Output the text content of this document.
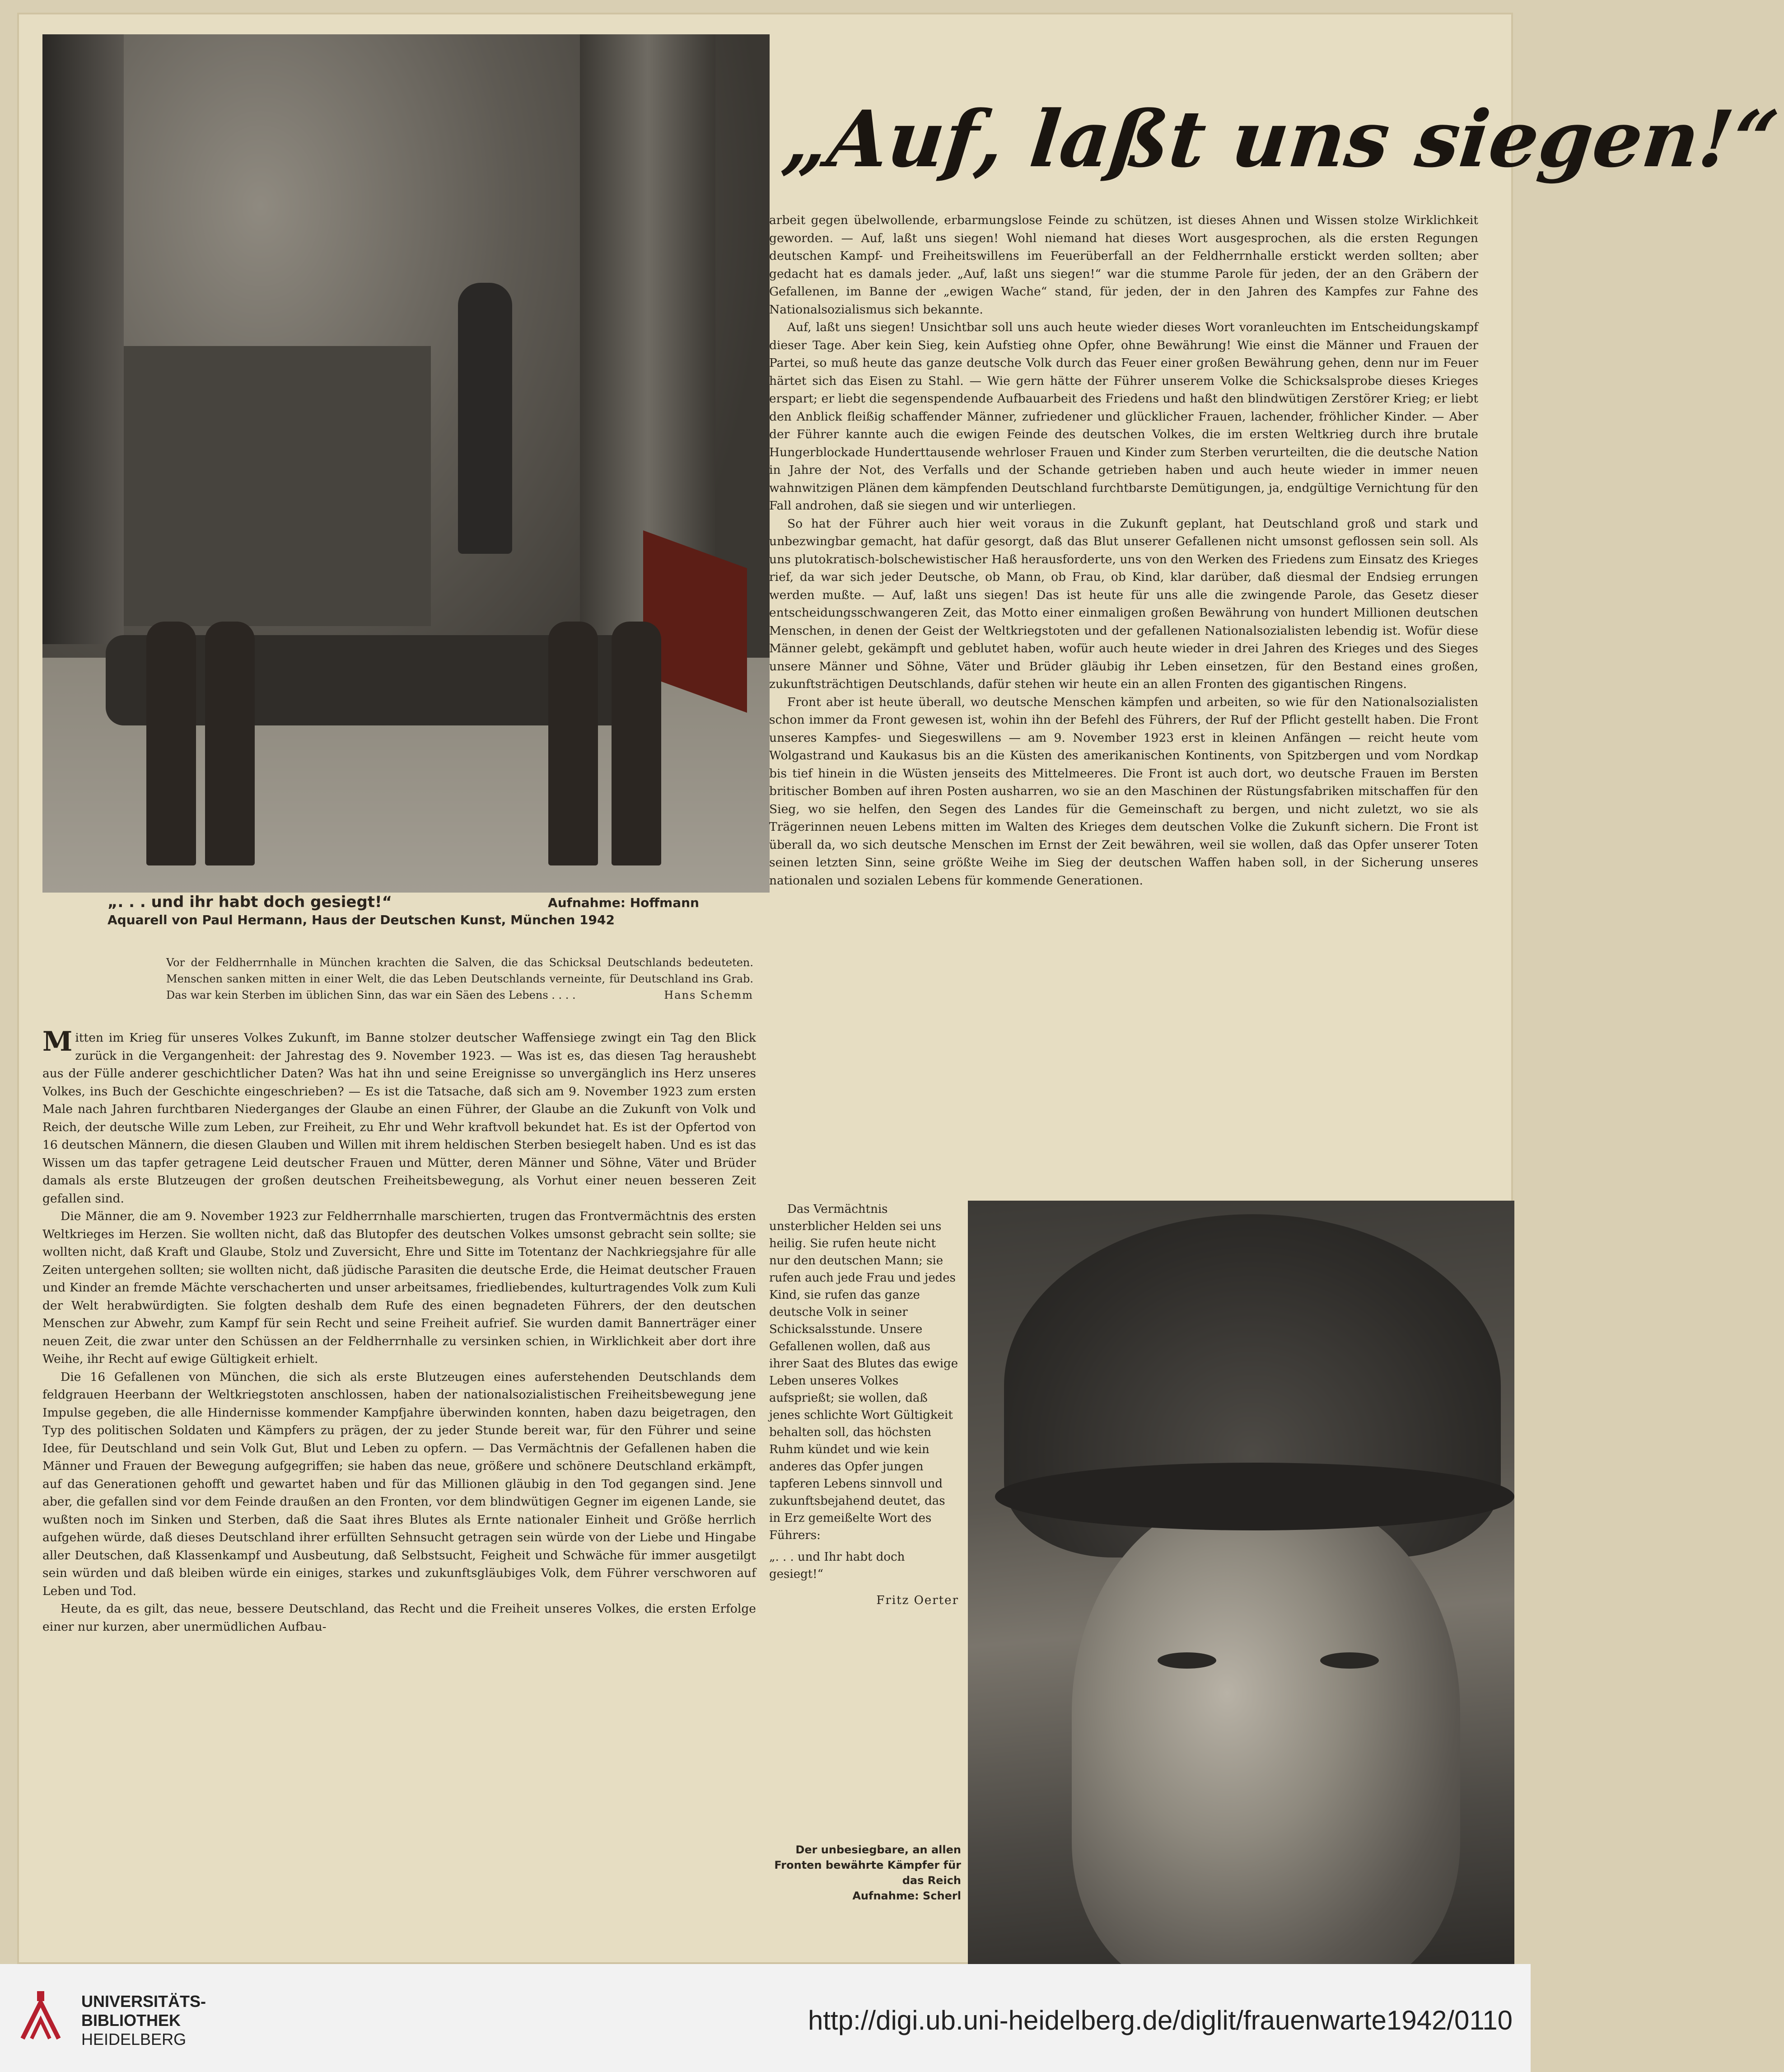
„. . . und ihr habt doch gesiegt!“	Aufnahme: Hoffmann
Aquarell von Paul Hermann, Haus der Deutschen Kunst, München 1942
Vor der Feldherrnhalle in München krachten die Salven, die das Schicksal Deutschlands bedeuteten. Menschen sanken mitten in einer Welt, die das Leben Deutschlands verneinte, für Deutschland ins Grab. Das war kein Sterben im üblichen Sinn, das war ein Säen des Lebens . . . .	Hans Schemm

Mitten im Krieg für unseres Volkes Zukunft, im Banne stolzer deutscher Waffensiege zwingt ein Tag den Blick zurück in die Vergangenheit: der Jahrestag des 9. November 1923. — Was ist es, das diesen Tag heraushebt aus der Fülle anderer geschichtlicher Daten? Was hat ihn und seine Ereignisse so unvergänglich ins Herz unseres Volkes, ins Buch der Geschichte eingeschrieben? — Es ist die Tatsache, daß sich am 9. November 1923 zum ersten Male nach Jahren furchtbaren Niederganges der Glaube an einen Führer, der Glaube an die Zukunft von Volk und Reich, der deutsche Wille zum Leben, zur Freiheit, zu Ehr und Wehr kraftvoll bekundet hat. Es ist der Opfertod von 16 deutschen Männern, die diesen Glauben und Willen mit ihrem heldischen Sterben besiegelt haben. Und es ist das Wissen um das tapfer getragene Leid deutscher Frauen und Mütter, deren Männer und Söhne, Väter und Brüder damals als erste Blutzeugen der großen deutschen Freiheitsbewegung, als Vorhut einer neuen besseren Zeit gefallen sind.

Die Männer, die am 9. November 1923 zur Feldherrnhalle marschierten, trugen das Frontvermächtnis des ersten Weltkrieges im Herzen. Sie wollten nicht, daß das Blutopfer des deutschen Volkes umsonst gebracht sein sollte; sie wollten nicht, daß Kraft und Glaube, Stolz und Zuversicht, Ehre und Sitte im Totentanz der Nachkriegsjahre für alle Zeiten untergehen sollten; sie wollten nicht, daß jüdische Parasiten die deutsche Erde, die Heimat deutscher Frauen und Kinder an fremde Mächte verschacherten und unser arbeitsames, friedliebendes, kulturtragendes Volk zum Kuli der Welt herabwürdigten. Sie folgten deshalb dem Rufe des einen begnadeten Führers, der den deutschen Menschen zur Abwehr, zum Kampf für sein Recht und seine Freiheit aufrief. Sie wurden damit Bannerträger einer neuen Zeit, die zwar unter den Schüssen an der Feldherrnhalle zu versinken schien, in Wirklichkeit aber dort ihre Weihe, ihr Recht auf ewige Gültigkeit erhielt.

Die 16 Gefallenen von München, die sich als erste Blutzeugen eines auferstehenden Deutschlands dem feldgrauen Heerbann der Weltkriegstoten anschlossen, haben der nationalsozialistischen Freiheitsbewegung jene Impulse gegeben, die alle Hindernisse kommender Kampfjahre überwinden konnten, haben dazu beigetragen, den Typ des politischen Soldaten und Kämpfers zu prägen, der zu jeder Stunde bereit war, für den Führer und seine Idee, für Deutschland und sein Volk Gut, Blut und Leben zu opfern. — Das Vermächtnis der Gefallenen haben die Männer und Frauen der Bewegung aufgegriffen; sie haben das neue, größere und schönere Deutschland erkämpft, auf das Generationen gehofft und gewartet haben und für das Millionen gläubig in den Tod gegangen sind. Jene aber, die gefallen sind vor dem Feinde draußen an den Fronten, vor dem blindwütigen Gegner im eigenen Lande, sie wußten noch im Sinken und Sterben, daß die Saat ihres Blutes als Ernte nationaler Einheit und Größe herrlich aufgehen würde, daß dieses Deutschland ihrer erfüllten Sehnsucht getragen sein würde von der Liebe und Hingabe aller Deutschen, daß Klassenkampf und Ausbeutung, daß Selbstsucht, Feigheit und Schwäche für immer ausgetilgt sein würden und daß bleiben würde ein einiges, starkes und zukunftsgläubiges Volk, dem Führer verschworen auf Leben und Tod.

Heute, da es gilt, das neue, bessere Deutschland, das Recht und die Freiheit unseres Volkes, die ersten Erfolge einer nur kurzen, aber unermüdlichen Aufbau-

„Auf, laßt uns siegen!“

arbeit gegen übelwollende, erbarmungslose Feinde zu schützen, ist dieses Ahnen und Wissen stolze Wirklichkeit geworden. — Auf, laßt uns siegen! Wohl niemand hat dieses Wort ausgesprochen, als die ersten Regungen deutschen Kampf- und Freiheitswillens im Feuerüberfall an der Feldherrnhalle erstickt werden sollten; aber gedacht hat es damals jeder. „Auf, laßt uns siegen!“ war die stumme Parole für jeden, der an den Gräbern der Gefallenen, im Banne der „ewigen Wache“ stand, für jeden, der in den Jahren des Kampfes zur Fahne des Nationalsozialismus sich bekannte.

Auf, laßt uns siegen! Unsichtbar soll uns auch heute wieder dieses Wort voranleuchten im Entscheidungskampf dieser Tage. Aber kein Sieg, kein Aufstieg ohne Opfer, ohne Bewährung! Wie einst die Männer und Frauen der Partei, so muß heute das ganze deutsche Volk durch das Feuer einer großen Bewährung gehen, denn nur im Feuer härtet sich das Eisen zu Stahl. — Wie gern hätte der Führer unserem Volke die Schicksalsprobe dieses Krieges erspart; er liebt die segenspendende Aufbauarbeit des Friedens und haßt den blindwütigen Zerstörer Krieg; er liebt den Anblick fleißig schaffender Männer, zufriedener und glücklicher Frauen, lachender, fröhlicher Kinder. — Aber der Führer kannte auch die ewigen Feinde des deutschen Volkes, die im ersten Weltkrieg durch ihre brutale Hungerblockade Hunderttausende wehrloser Frauen und Kinder zum Sterben verurteilten, die die deutsche Nation in Jahre der Not, des Verfalls und der Schande getrieben haben und auch heute wieder in immer neuen wahnwitzigen Plänen dem kämpfenden Deutschland furchtbarste Demütigungen, ja, endgültige Vernichtung für den Fall androhen, daß sie siegen und wir unterliegen.

So hat der Führer auch hier weit voraus in die Zukunft geplant, hat Deutschland groß und stark und unbezwingbar gemacht, hat dafür gesorgt, daß das Blut unserer Gefallenen nicht umsonst geflossen sein soll. Als uns plutokratisch-bolschewistischer Haß herausforderte, uns von den Werken des Friedens zum Einsatz des Krieges rief, da war sich jeder Deutsche, ob Mann, ob Frau, ob Kind, klar darüber, daß diesmal der Endsieg errungen werden mußte. — Auf, laßt uns siegen! Das ist heute für uns alle die zwingende Parole, das Gesetz dieser entscheidungsschwangeren Zeit, das Motto einer einmaligen großen Bewährung von hundert Millionen deutschen Menschen, in denen der Geist der Weltkriegstoten und der gefallenen Nationalsozialisten lebendig ist. Wofür diese Männer gelebt, gekämpft und geblutet haben, wofür auch heute wieder in drei Jahren des Krieges und des Sieges unsere Männer und Söhne, Väter und Brüder gläubig ihr Leben einsetzen, für den Bestand eines großen, zukunftsträchtigen Deutschlands, dafür stehen wir heute ein an allen Fronten des gigantischen Ringens.

Front aber ist heute überall, wo deutsche Menschen kämpfen und arbeiten, so wie für den Nationalsozialisten schon immer da Front gewesen ist, wohin ihn der Befehl des Führers, der Ruf der Pflicht gestellt haben. Die Front unseres Kampfes- und Siegeswillens — am 9. November 1923 erst in kleinen Anfängen — reicht heute vom Wolgastrand und Kaukasus bis an die Küsten des amerikanischen Kontinents, von Spitzbergen und vom Nordkap bis tief hinein in die Wüsten jenseits des Mittelmeeres. Die Front ist auch dort, wo deutsche Frauen im Bersten britischer Bomben auf ihren Posten ausharren, wo sie an den Maschinen der Rüstungsfabriken mitschaffen für den Sieg, wo sie helfen, den Segen des Landes für die Gemeinschaft zu bergen, und nicht zuletzt, wo sie als Trägerinnen neuen Lebens mitten im Walten des Krieges dem deutschen Volke die Zukunft sichern. Die Front ist überall da, wo sich deutsche Menschen im Ernst der Zeit bewähren, weil sie wollen, daß das Opfer unserer Toten seinen letzten Sinn, seine größte Weihe im Sieg der deutschen Waffen haben soll, in der Sicherung unseres nationalen und sozialen Lebens für kommende Generationen.

Das Vermächtnis unsterblicher Helden sei uns heilig. Sie rufen heute nicht nur den deutschen Mann; sie rufen auch jede Frau und jedes Kind, sie rufen das ganze deutsche Volk in seiner Schicksalsstunde. Unsere Gefallenen wollen, daß aus ihrer Saat des Blutes das ewige Leben unseres Volkes aufsprießt; sie wollen, daß jenes schlichte Wort Gültigkeit behalten soll, das höchsten Ruhm kündet und wie kein anderes das Opfer jungen tapferen Lebens sinnvoll und zukunftsbejahend deutet, das in Erz gemeißelte Wort des Führers:

„. . . und Ihr habt doch gesiegt!“

Fritz Oerter

Der unbesiegbare, an allen Fronten bewährte Kämpfer für das Reich
Aufnahme: Scherl
UNIVERSITÄTS-
BIBLIOTHEK
HEIDELBERG
http://digi.ub.uni-heidelberg.de/diglit/frauenwarte1942/0110
